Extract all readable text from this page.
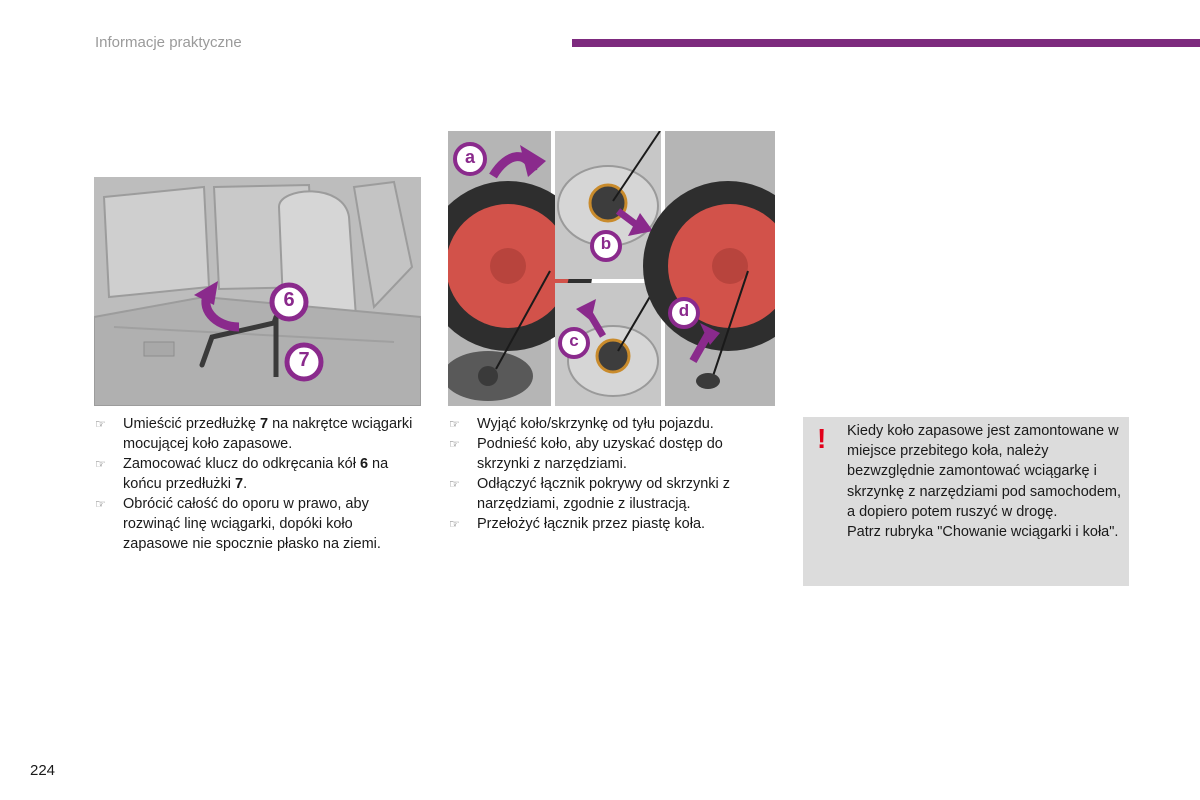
Informacje praktyczne
6
7
a
b
c
d
☞ Umieścić przedłużkę 7 na nakrętce wciągarki mocującej koło zapasowe.
☞ Zamocować klucz do odkręcania kół 6 na końcu przedłużki 7.
☞ Obrócić całość do oporu w prawo, aby rozwinąć linę wciągarki, dopóki koło zapasowe nie spocznie płasko na ziemi.
☞ Wyjąć koło/skrzynkę od tyłu pojazdu.
☞ Podnieść koło, aby uzyskać dostęp do skrzynki z narzędziami.
☞ Odłączyć łącznik pokrywy od skrzynki z narzędziami, zgodnie z ilustracją.
☞ Przełożyć łącznik przez piastę koła.
! Kiedy koło zapasowe jest zamontowane w miejsce przebitego koła, należy bezwzględnie zamontować wciągarkę i skrzynkę z narzędziami pod samochodem, a dopiero potem ruszyć w drogę.
Patrz rubryka "Chowanie wciągarki i koła".
224
